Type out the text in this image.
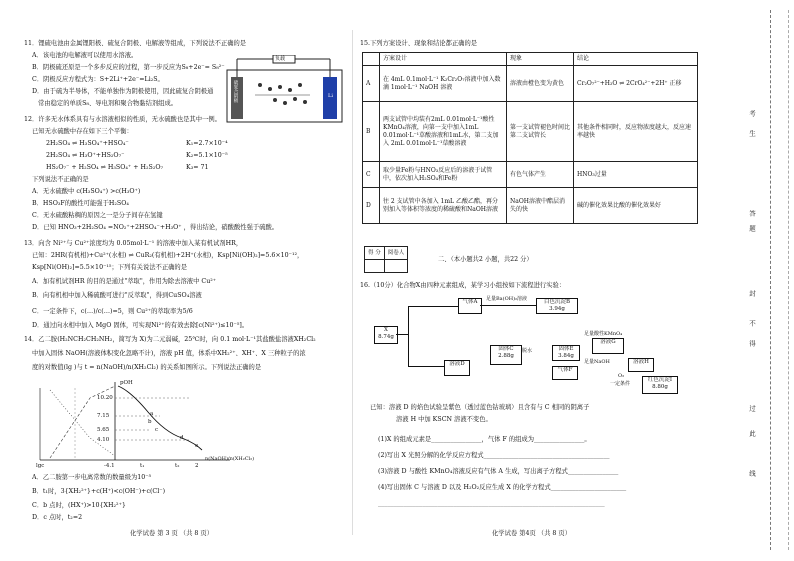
11．锂硫电池由金属锂阳极、硫复合阴极、电解液等组成，下列说法不正确的是
A．该电池的电解液可以使用水溶液。
B．阴极硫还原是一个多步反应的过程，第一步反应为S₈+2e⁻= S₈²⁻
C．阴极反应方程式为：S+2Li⁺+2e⁻=Li₂S。
D．由于硫为半导体，不能单独作为阴极使用，因此硫复合阴极通
常由稳定的单质S₈、导电剂和聚合物黏结剂组成。
负载
硫复合阴极	Li
12．许多无水体系具有与水溶液相似的性质，无水硫酸也是其中一例。
已知无水硫酸中存在如下三个平衡：
2H₂SO₄ ⇌ H₃SO₄⁺+HSO₄⁻	K₁=2.7×10⁻⁴
2H₂SO₄ ⇌ H₃O⁺+HS₂O₇⁻	K₂=5.1×10⁻⁵
HS₂O₇⁻ + H₂SO₄ ⇌ H₃SO₄⁺ + H₂S₂O₇	K₃= 71
下列说法不正确的是
A．无水硫酸中 c(H₃SO₄⁺) >c(H₃O⁺)
B．HSO₃F的酸性可能强于H₂SO₄
C．无水硫酸粘稠的原因之一是分子间存在氢键
D．已知 HNO₃+2H₂SO₄ =NO₂⁺+2HSO₄⁻+H₃O⁺ ，得出结论，硝酸酸性强于硫酸。
13．向含 Ni²⁺与 Cu²⁺浓度均为 0.05mol·L⁻¹ 的溶液中加入某有机试剂HR，
已知：2HR(有机相)+Cu²⁺(水相) ⇌ CuR₂(有机相)+2H⁺(水相)，Ksp[Ni(OH)₂]=5.6×10⁻¹²，
Ksp[Ni(OH)₂]=5.5×10⁻¹⁵；下列有关说法不正确的是
A．加有机试剂HR 的目的是通过"萃取"，作用为除去溶液中 Cu²⁺
B．向有机相中加入稀硫酸可进行"反萃取"，得到CuSO₄溶液
C．一定条件下，c(…)/c(…)=5，则 Cu²⁺的萃取率为5/6
D．通过向水相中加入 MgO 固体，可实现Ni²⁺的有效去除[c(Ni²⁺)≤10⁻⁵]。
14．乙二胺(H₂NCH₂CH₂NH₂，简写为 X)为二元弱碱，25℃时，向 0.1 mol·L⁻¹其盐酸盐溶液XH₂Cl₂
中加入固体 NaOH(溶液体积变化忽略不计)，溶液 pH 值，体系中XH₂²⁺、XH⁺、X 三种粒子的浓
度的对数值(lg )与 t = n(NaOH)/n(XH₂Cl₂) 的关系如图所示。下列说法正确的是
pOH
10.20
7.15
5.65
4.10
a
b
c
d
e
lgc	-4.1	t₁	t₂	2
n(NaOH)/n(XH₂Cl₂)
A．乙二胺第一步电离常数的数量级为10⁻⁵
B．t₁时，3{XH₂²⁺}+c(H⁺)<c(OH⁻)+c(Cl⁻)
C．b 点时，(HX⁺)>10{XH₂²⁺}
D．c 点时，t₂=2
化学试卷 第 3 页 （共 8 页）
15.下列方案设计、现象和结论都正确的是
	方案设计	现象	结论
A	在 4mL 0.1mol·L⁻¹ K₂Cr₂O₇溶液中加入数滴 1mol·L⁻¹ NaOH 溶液	溶液由橙色变为黄色	Cr₂O₇²⁻+H₂O ⇌ 2CrO₄²⁻+2H⁺ 正移
B	两支试管中均装有2mL 0.01mol·L⁻¹酸性 KMnO₄溶液，向第一支中加入1mL 0.01mol·L⁻¹草酸溶液和1mL水，第二支加入 2mL 0.01mol·L⁻¹草酸溶液	第一支试管褪色时间比第二支试管长	其他条件相同时，反应物浓度越大，反应速率越快
C	取少量Fe粉与HNO₃反应后的溶液于试管中，依次加入H₂SO₄和Fe粉	有色气体产生	HNO₃过量
D	往 2 支试管中各加入 1mL 乙酸乙酯，再分别加入等体积等浓度的稀硫酸和NaOH溶液	NaOH溶液中酯层消失的快	碱的催化效果比酸的催化效果好
得 分	阅卷人

二、（本小题共2 小题，共22 分）
16.（10分）化合物X由四种元素组成，某学习小组按如下流程进行实验：
X
8.74g
气体A	足量Ba(OH)₂溶液	白色沉淀B 3.94g
溶液D
固体C
2.88g
脱水	固体E 3.84g
气体F
溶液G
足量酸性KMnO₄
足量NaOH	溶液H
O₂
一定条件
红色沉淀I
8.80g
已知：溶液 D 的焰色试验呈紫色（透过蓝色钴玻璃）且含有与 C 相同的阴离子
溶液 H 中加 KSCN 溶液不变色。
(1)X 的组成元素是________________，气体 F 的组成为________________。
(2)写出 X 光照分解的化学反应方程式________________________________________
(3)溶液 D 与酸性 KMnO₄溶液反应有气体 A 生成，写出离子方程式________________
(4)写出固体 C 与溶液 D 以及 H₂O₂反应生成 X 的化学方程式________________________
________________________________________________________________________
化学试卷 第4页 （共 8 页）
考
生
答
题
封
不
得
过
此
线
